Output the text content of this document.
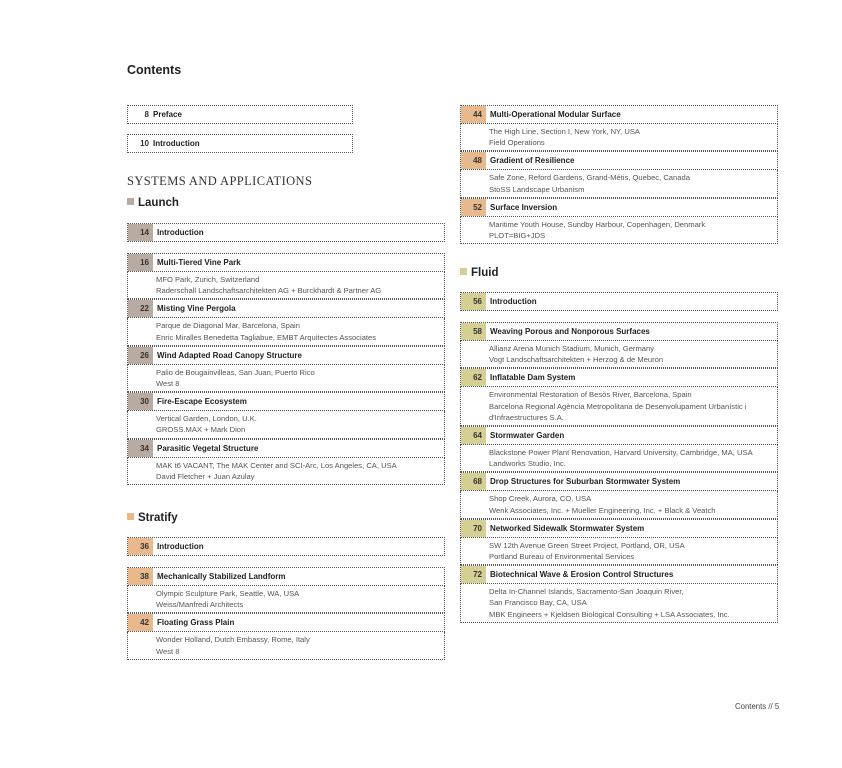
Contents
8 Preface
10 Introduction
SYSTEMS AND APPLICATIONS
Launch
14	Introduction
16	Multi-Tiered Vine Park
MFO Park, Zurich, Switzerland
Raderschall Landschaftsarchitekten AG + Burckhardt & Partner AG
22	Misting Vine Pergola
Parque de Diagonal Mar, Barcelona, Spain
Enric Miralles Benedetta Tagliabue, EMBT Arquitectes Associates
26	Wind Adapted Road Canopy Structure
Palio de Bougainvilleas, San Juan, Puerto Rico
West 8
30	Fire-Escape Ecosystem
Vertical Garden, London, U.K.
GROSS.MAX + Mark Dion
34	Parasitic Vegetal Structure
MAK t6 VACANT, The MAK Center and SCI-Arc, Los Angeles, CA, USA
David Fletcher + Juan Azulay
36	Introduction
38	Mechanically Stabilized Landform
Olympic Sculpture Park, Seattle, WA, USA
Weiss/Manfredi Architects
42	Floating Grass Plain
Wonder Holland, Dutch Embassy, Rome, Italy
West 8
44	Multi-Operational Modular Surface
The High Line, Section I, New York, NY, USA
Field Operations
48	Gradient of Resilience
Safe Zone, Reford Gardens, Grand-Métis, Quebec, Canada
StoSS Landscape Urbanism
52	Surface Inversion
Maritime Youth House, Sundby Harbour, Copenhagen, Denmark
PLOT=BIG+JDS
56	Introduction
58	Weaving Porous and Nonporous Surfaces
Allianz Arena Munich Stadium, Munich, Germany
Vogt Landschaftsarchitekten + Herzog & de Meuron
62	Inflatable Dam System
Environmental Restoration of Besòs River, Barcelona, Spain
Barcelona Regional Agència Metropolitana de Desenvolupament Urbanístic i
d'Infraestructures S.A.
64	Stormwater Garden
Blackstone Power Plant Renovation, Harvard University, Cambridge, MA, USA
Landworks Studio, Inc.
68	Drop Structures for Suburban Stormwater System
Shop Creek, Aurora, CO, USA
Wenk Associates, Inc. + Mueller Engineering, Inc. + Black & Veatch
70	Networked Sidewalk Stormwater System
SW 12th Avenue Green Street Project, Portland, OR, USA
Portland Bureau of Environmental Services
72	Biotechnical Wave & Erosion Control Structures
Delta In-Channel Islands, Sacramento-San Joaquin River,
San Francisco Bay, CA, USA
MBK Engineers + Kjeldsen Biological Consulting + LSA Associates, Inc.
Stratify
Fluid
Contents // 5
